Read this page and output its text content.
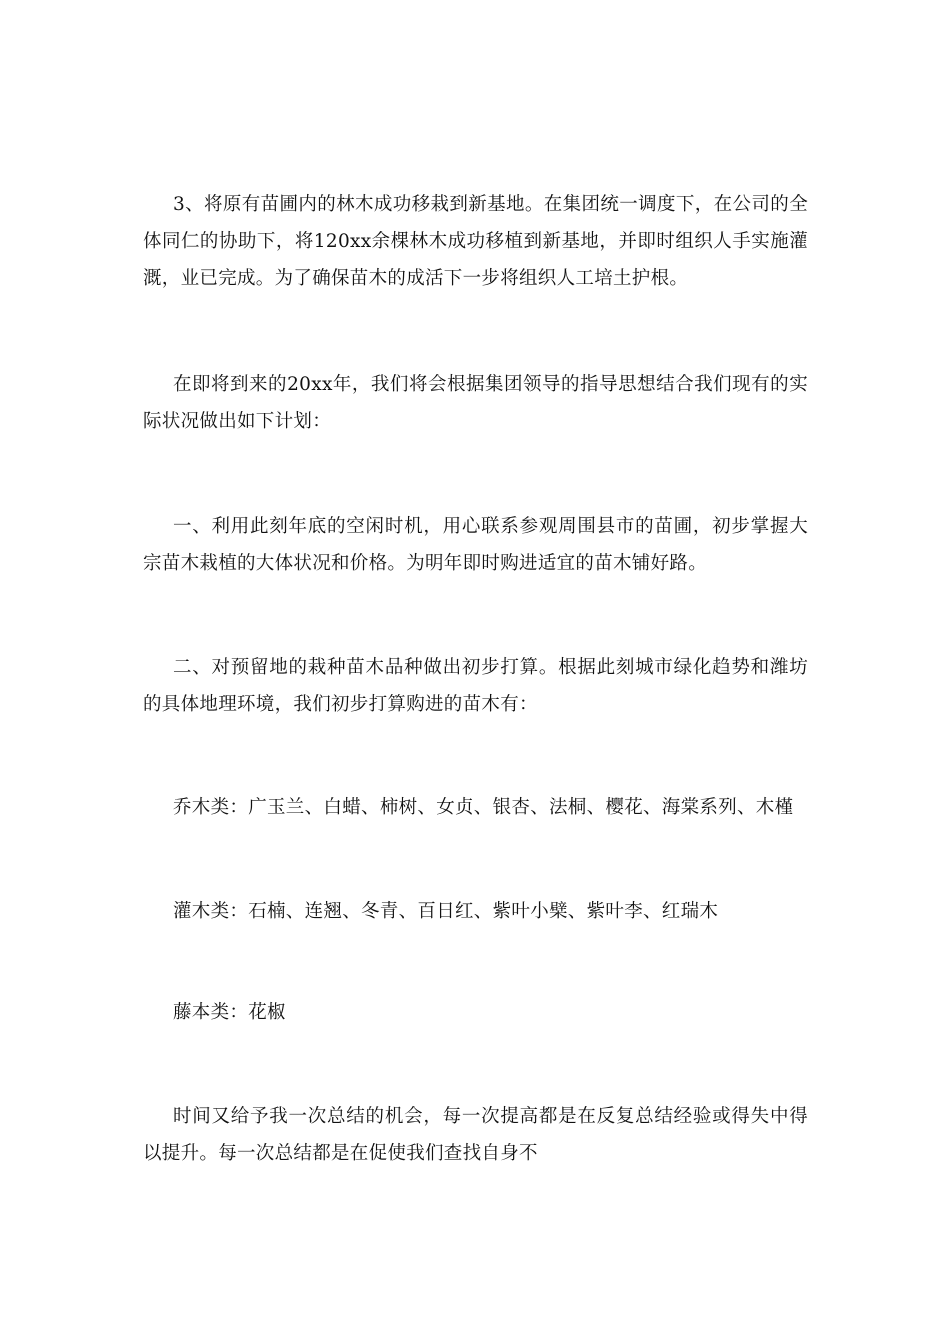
3、将原有苗圃内的林木成功移栽到新基地。在集团统一调度下，在公司的全体同仁的协助下，将120xx余棵林木成功移植到新基地，并即时组织人手实施灌溉，业已完成。为了确保苗木的成活下一步将组织人工培土护根。

在即将到来的20xx年，我们将会根据集团领导的指导思想结合我们现有的实际状况做出如下计划：

一、利用此刻年底的空闲时机，用心联系参观周围县市的苗圃，初步掌握大宗苗木栽植的大体状况和价格。为明年即时购进适宜的苗木铺好路。

二、对预留地的栽种苗木品种做出初步打算。根据此刻城市绿化趋势和潍坊的具体地理环境，我们初步打算购进的苗木有：

乔木类：广玉兰、白蜡、柿树、女贞、银杏、法桐、樱花、海棠系列、木槿

灌木类：石楠、连翘、冬青、百日红、紫叶小檗、紫叶李、红瑞木

藤本类：花椒

时间又给予我一次总结的机会，每一次提高都是在反复总结经验或得失中得以提升。每一次总结都是在促使我们查找自身不
